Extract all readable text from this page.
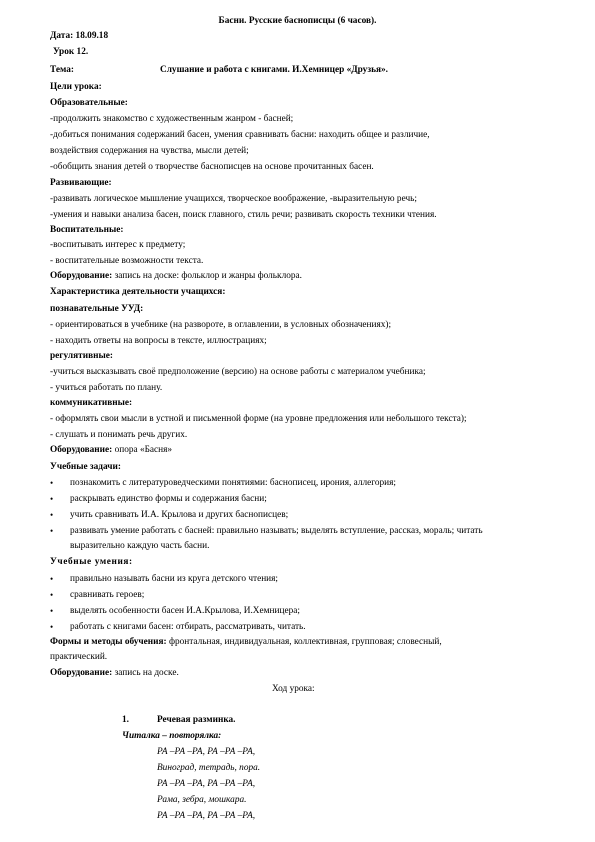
Басни. Русские баснописцы (6 часов).
Дата: 18.09.18
Урок 12.
Тема:	Слушание и работа с книгами. И.Хемницер «Друзья».
Цели урока:
Образовательные:
-продолжить знакомство с художественным жанром - басней;
-добиться понимания содержаний басен, умения сравнивать басни: находить общее и различие,
воздействия содержания на чувства, мысли детей;
-обобщить знания детей о творчестве баснописцев на основе прочитанных басен.
Развивающие:
-развивать логическое мышление учащихся, творческое воображение, -выразительную речь;
-умения и навыки анализа басен, поиск главного, стиль речи; развивать скорость техники чтения.
Воспитательные:
-воспитывать интерес к предмету;
- воспитательные возможности текста.
Оборудование: запись на доске: фольклор и жанры фольклора.
Характеристика деятельности учащихся:
познавательные УУД:
- ориентироваться в учебнике (на развороте, в оглавлении, в условных обозначениях);
- находить ответы на вопросы в тексте, иллюстрациях;
регулятивные:
-учиться высказывать своё предположение (версию) на основе работы с материалом учебника;
- учиться работать по плану.
коммуникативные:
- оформлять свои мысли в устной и письменной форме (на уровне предложения или небольшого текста);
- слушать и понимать речь других.
Оборудование: опора «Басня»
Учебные задачи:
• познакомить с литературоведческими понятиями: баснописец, ирония, аллегория;
• раскрывать единство формы и содержания басни;
• учить сравнивать И.А. Крылова и других баснописцев;
• развивать умение работать с басней: правильно называть; выделять вступление, рассказ, мораль; читать
выразительно каждую часть басни.
Учебные умения:
• правильно называть басни из круга детского чтения;
• сравнивать героев;
• выделять особенности басен И.А.Крылова, И.Хемницера;
• работать с книгами басен: отбирать, рассматривать, читать.
Формы и методы обучения: фронтальная, индивидуальная, коллективная, групповая; словесный,
практический.
Оборудование: запись на доске.
Ход урока:
1.	Речевая разминка.
Читалка – повторялка:
РА –РА –РА, РА –РА –РА,
Виноград, тетрадь, пора.
РА –РА –РА, РА –РА –РА,
Рама, зебра, мошкара.
РА –РА –РА, РА –РА –РА,
